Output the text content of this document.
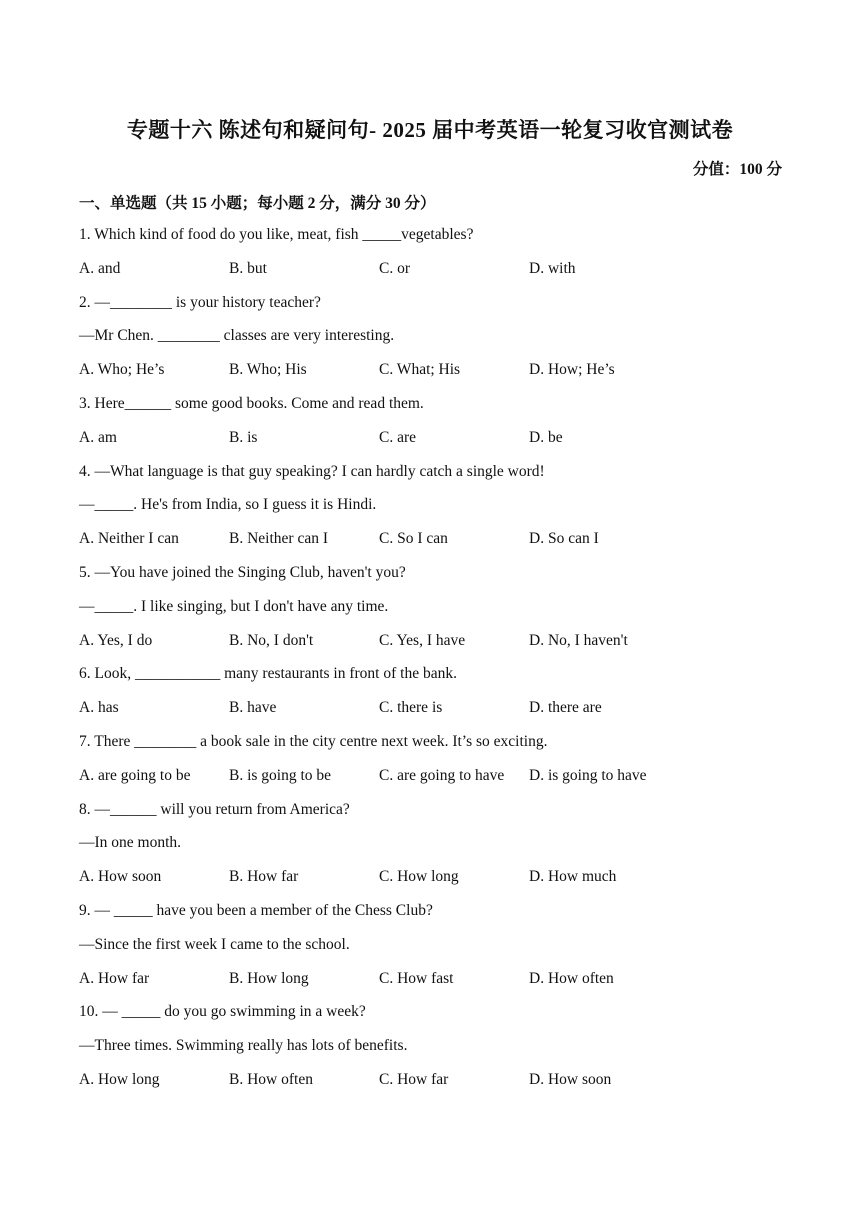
专题十六 陈述句和疑问句- 2025 届中考英语一轮复习收官测试卷
分值：100 分
一、单选题（共 15 小题；每小题 2 分，满分 30 分）
1. Which kind of food do you like, meat, fish _____vegetables?
A. and	B. but	C. or	D. with
2. —________ is your history teacher?
—Mr Chen. ________ classes are very interesting.
A. Who; He’s	B. Who; His	C. What; His	D. How; He’s
3. Here______ some good books. Come and read them.
A. am	B. is	C. are	D. be
4. —What language is that guy speaking? I can hardly catch a single word!
—_____. He's from India, so I guess it is Hindi.
A. Neither I can	B. Neither can I	C. So I can	D. So can I
5. —You have joined the Singing Club, haven't you?
—_____. I like singing, but I don't have any time.
A. Yes, I do	B. No, I don't	C. Yes, I have	D. No, I haven't
6. Look, ___________ many restaurants in front of the bank.
A. has	B. have	C. there is	D. there are
7. There ________ a book sale in the city centre next week. It’s so exciting.
A. are going to be	B. is going to be	C. are going to have	D. is going to have
8. —______ will you return from America?
—In one month.
A. How soon	B. How far	C. How long	D. How much
9. — _____ have you been a member of the Chess Club?
—Since the first week I came to the school.
A. How far	B. How long	C. How fast	D. How often
10. — _____ do you go swimming in a week?
—Three times. Swimming really has lots of benefits.
A. How long	B. How often	C. How far	D. How soon
